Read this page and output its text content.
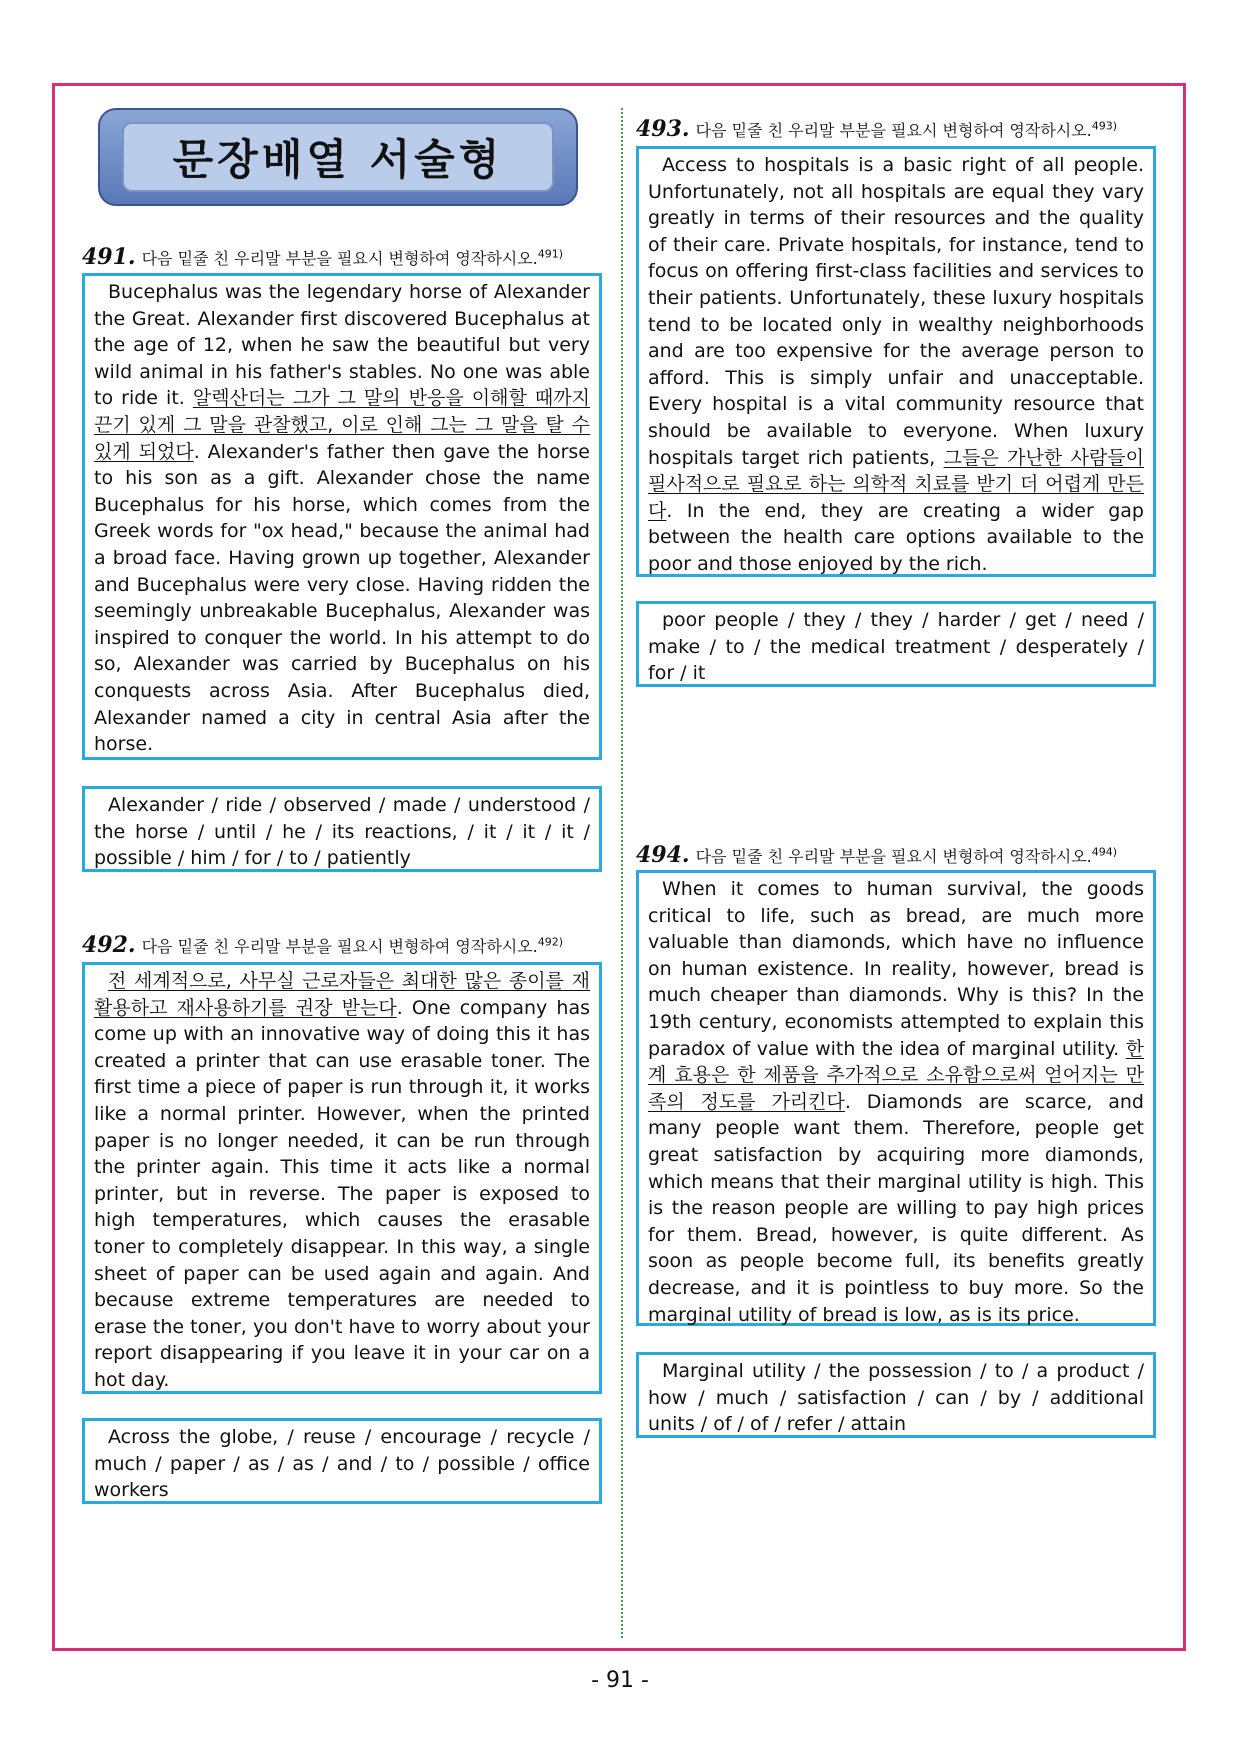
문장배열 서술형
491. 다음 밑줄 친 우리말 부분을 필요시 변형하여 영작하시오.$^{491)}$

Bucephalus was the legendary horse of Alexander the Great. Alexander first discovered Bucephalus at the age of 12, when he saw the beautiful but very wild animal in his father's stables. No one was able to ride it. 알렉산더는 그가 그 말의 반응을 이해할 때까지 끈기 있게 그 말을 관찰했고, 이로 인해 그는 그 말을 탈 수 있게 되었다. Alexander's father then gave the horse to his son as a gift. Alexander chose the name Bucephalus for his horse, which comes from the Greek words for "ox head," because the animal had a broad face. Having grown up together, Alexander and Bucephalus were very close. Having ridden the seemingly unbreakable Bucephalus, Alexander was inspired to conquer the world. In his attempt to do so, Alexander was carried by Bucephalus on his conquests across Asia. After Bucephalus died, Alexander named a city in central Asia after the horse.

Alexander / ride / observed / made / understood / the horse / until / he / its reactions, / it / it / it / possible / him / for / to / patiently

492. 다음 밑줄 친 우리말 부분을 필요시 변형하여 영작하시오.$^{492)}$

전 세계적으로, 사무실 근로자들은 최대한 많은 종이를 재활용하고 재사용하기를 권장 받는다. One company has come up with an innovative way of doing this it has created a printer that can use erasable toner. The first time a piece of paper is run through it, it works like a normal printer. However, when the printed paper is no longer needed, it can be run through the printer again. This time it acts like a normal printer, but in reverse. The paper is exposed to high temperatures, which causes the erasable toner to completely disappear. In this way, a single sheet of paper can be used again and again. And because extreme temperatures are needed to erase the toner, you don't have to worry about your report disappearing if you leave it in your car on a hot day.

Across the globe, / reuse / encourage / recycle / much / paper / as / as / and / to / possible / office workers

493. 다음 밑줄 친 우리말 부분을 필요시 변형하여 영작하시오.$^{493)}$

Access to hospitals is a basic right of all people. Unfortunately, not all hospitals are equal they vary greatly in terms of their resources and the quality of their care. Private hospitals, for instance, tend to focus on offering first-class facilities and services to their patients. Unfortunately, these luxury hospitals tend to be located only in wealthy neighborhoods and are too expensive for the average person to afford. This is simply unfair and unacceptable. Every hospital is a vital community resource that should be available to everyone. When luxury hospitals target rich patients, 그들은 가난한 사람들이 필사적으로 필요로 하는 의학적 치료를 받기 더 어렵게 만든다. In the end, they are creating a wider gap between the health care options available to the poor and those enjoyed by the rich.

poor people / they / they / harder / get / need / make / to / the medical treatment / desperately / for / it

494. 다음 밑줄 친 우리말 부분을 필요시 변형하여 영작하시오.$^{494)}$

When it comes to human survival, the goods critical to life, such as bread, are much more valuable than diamonds, which have no influence on human existence. In reality, however, bread is much cheaper than diamonds. Why is this? In the 19th century, economists attempted to explain this paradox of value with the idea of marginal utility. 한계 효용은 한 제품을 추가적으로 소유함으로써 얻어지는 만족의 정도를 가리킨다. Diamonds are scarce, and many people want them. Therefore, people get great satisfaction by acquiring more diamonds, which means that their marginal utility is high. This is the reason people are willing to pay high prices for them. Bread, however, is quite different. As soon as people become full, its benefits greatly decrease, and it is pointless to buy more. So the marginal utility of bread is low, as is its price.

Marginal utility / the possession / to / a product / how / much / satisfaction / can / by / additional units / of / of / refer / attain

- 91 -
